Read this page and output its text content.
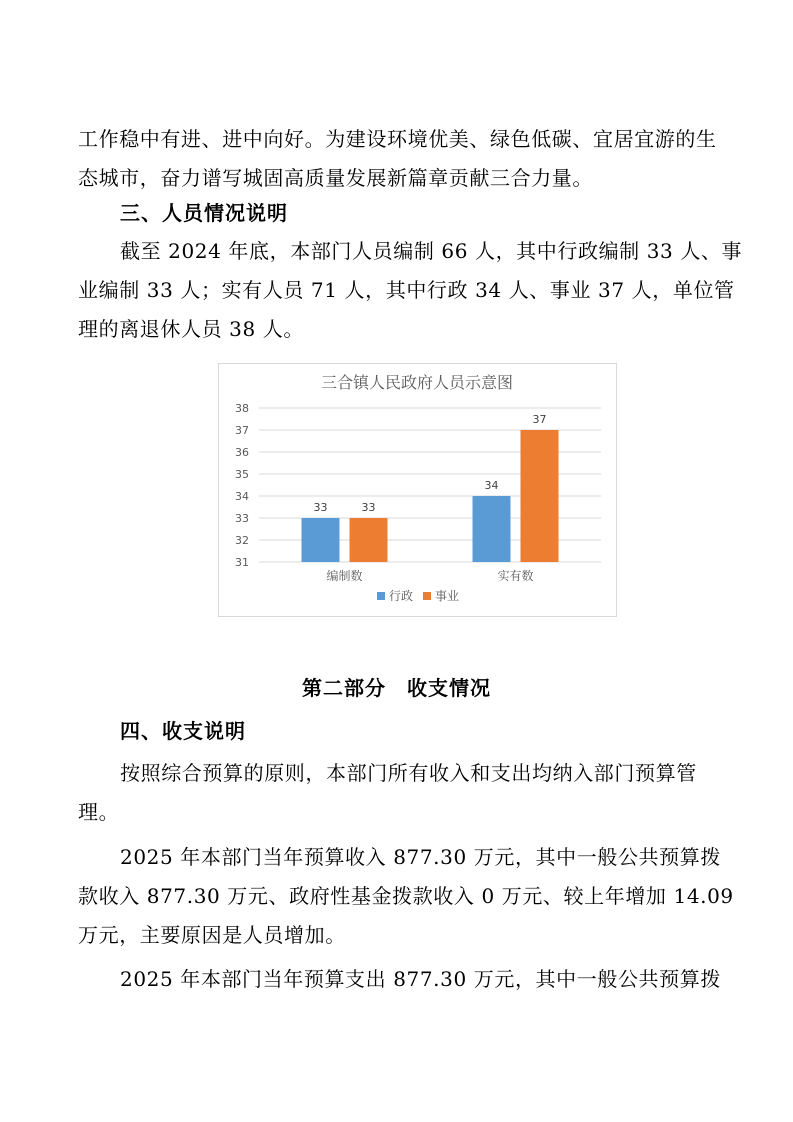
工作稳中有进、进中向好。为建设环境优美、绿色低碳、宜居宜游的生
态城市，奋力谱写城固高质量发展新篇章贡献三合力量。

三、人员情况说明

截至 2024 年底，本部门人员编制 66 人，其中行政编制 33 人、事
业编制 33 人；实有人员 71 人，其中行政 34 人、事业 37 人，单位管
理的离退休人员 38 人。

三合镇人民政府人员示意图
31
32
33
34
35
36
37
38
33	33
编制数
34
37
实有数
行政 事业
第二部分　收支情况
四、收支说明

按照综合预算的原则，本部门所有收入和支出均纳入部门预算管
理。

2025 年本部门当年预算收入 877.30 万元，其中一般公共预算拨
款收入 877.30 万元、政府性基金拨款收入 0 万元、较上年增加 14.09
万元，主要原因是人员增加。

2025 年本部门当年预算支出 877.30 万元，其中一般公共预算拨
